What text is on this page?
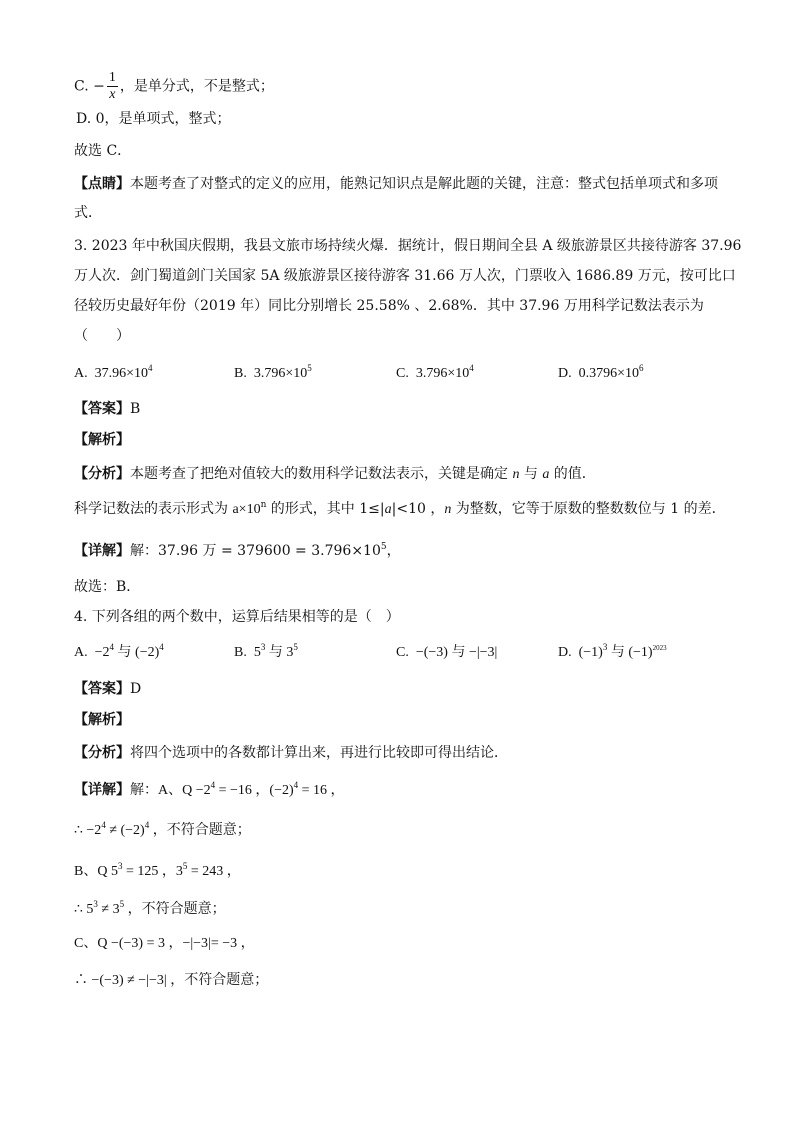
C. − $\frac{1}{x}$ ，是单分式，不是整式；
D. 0，是单项式，整式；
故选 C．
【点睛】本题考查了对整式的定义的应用，能熟记知识点是解此题的关键，注意：整式包括单项式和多项
式．
3. 2023 年中秋国庆假期，我县文旅市场持续火爆．据统计，假日期间全县 A 级旅游景区共接待游客 37.96
万人次．剑门蜀道剑门关国家 5A 级旅游景区接待游客 31.66 万人次，门票收入 1686.89 万元，按可比口
径较历史最好年份（2019 年）同比分别增长 25.58% 、2.68%．其中 37.96 万用科学记数法表示为
（　　）
A. $37.96\times 10^4$	B. $3.796\times 10^5$	C. $3.796\times 10^4$	D. $0.3796\times 10^6$
【答案】B
【解析】
【分析】本题考查了把绝对值较大的数用科学记数法表示，关键是确定 n 与 a 的值．
科学记数法的表示形式为 $a\times 10^n$ 的形式，其中 1≤|a|<10 ，n 为整数，它等于原数的整数数位与 1 的差．
【详解】解：37.96 万 = $379600 = 3.796\times 10^5$，
故选：B．
4. 下列各组的两个数中，运算后结果相等的是（　）
A. $-2^4$ 与 $(-2)^4$	B. $5^3$ 与 $3^5$	C. −(−3) 与 −|−3|	D. $(-1)^3$ 与 $(-1)^{2023}$
【答案】D
【解析】
【分析】将四个选项中的各数都计算出来，再进行比较即可得出结论．
【详解】解：A、$Q -2^4 = -16$ ，$(-2)^4 = 16$ ，
∴ $-2^4 \ne (-2)^4$ ，不符合题意；
B、Q $5^3 = 125$ ，$3^5 = 243$ ，
∴ $5^3 \ne 3^5$ ，不符合题意；
C、Q −(−3) = 3 ，−|−3|= −3 ，
∴ −(−3) ≠ −|−3| ，不符合题意；
